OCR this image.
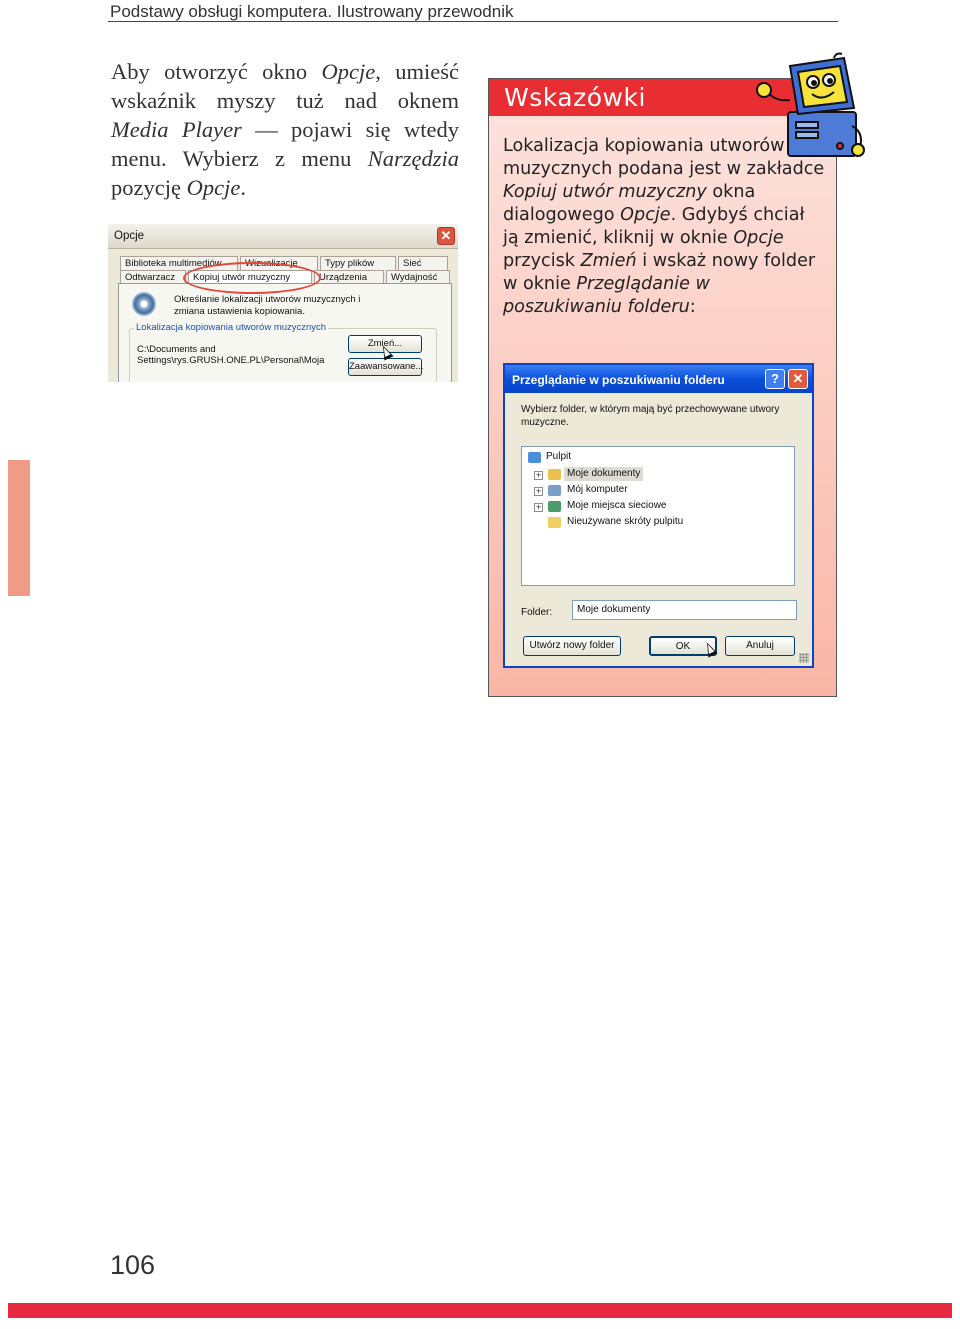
Podstawy obsługi komputera. Ilustrowany przewodnik

Aby otworzyć okno Opcje, umieść wskaźnik myszy tuż nad oknem Media Player — pojawi się wtedy menu. Wybierz z menu Narzędzia pozycję Opcje.

Opcje	✕
Biblioteka multimediów	Wizualizacje	Typy plików	Sieć
Odtwarzacz	Kopiuj utwór muzyczny	Urządzenia	Wydajność
Określanie lokalizacji utworów muzycznych i zmiana ustawienia kopiowania.
Lokalizacja kopiowania utworów muzycznych
C:\Documents and Settings\rys.GRUSH.ONE.PL\Personal\Moja
Zmień...
Zaawansowane...
Wskazówki

Lokalizacja kopiowania utworów muzycznych podana jest w zakładce Kopiuj utwór muzyczny okna dialogowego Opcje. Gdybyś chciał ją zmienić, kliknij w oknie Opcje przycisk Zmień i wskaż nowy folder w oknie Przeglądanie w poszukiwaniu folderu:

Przeglądanie w poszukiwaniu folderu	?	✕
Wybierz folder, w którym mają być przechowywane utwory muzyczne.
Pulpit
+	Moje dokumenty
+	Mój komputer
+	Moje miejsca sieciowe
Nieużywane skróty pulpitu
Folder:	Moje dokumenty
Utwórz nowy folder	OK	Anuluj
106
